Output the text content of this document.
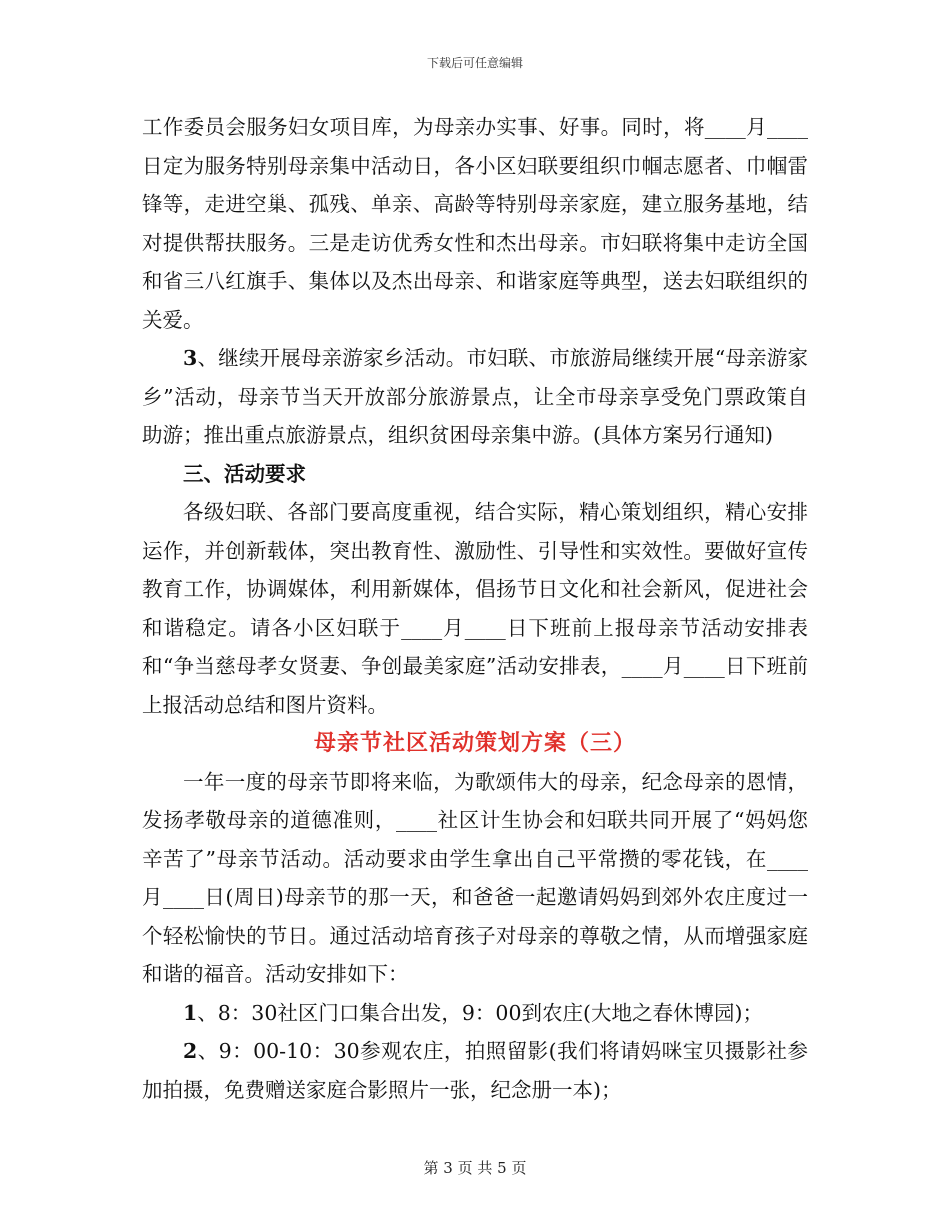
下载后可任意编辑

工作委员会服务妇女项目库，为母亲办实事、好事。同时，将____月____日定为服务特别母亲集中活动日，各小区妇联要组织巾帼志愿者、巾帼雷锋等，走进空巢、孤残、单亲、高龄等特别母亲家庭，建立服务基地，结对提供帮扶服务。三是走访优秀女性和杰出母亲。市妇联将集中走访全国和省三八红旗手、集体以及杰出母亲、和谐家庭等典型，送去妇联组织的关爱。

3、继续开展母亲游家乡活动。市妇联、市旅游局继续开展“母亲游家乡”活动，母亲节当天开放部分旅游景点，让全市母亲享受免门票政策自助游；推出重点旅游景点，组织贫困母亲集中游。(具体方案另行通知)

三、活动要求

各级妇联、各部门要高度重视，结合实际，精心策划组织，精心安排运作，并创新载体，突出教育性、激励性、引导性和实效性。要做好宣传教育工作，协调媒体，利用新媒体，倡扬节日文化和社会新风，促进社会和谐稳定。请各小区妇联于____月____日下班前上报母亲节活动安排表和“争当慈母孝女贤妻、争创最美家庭”活动安排表，____月____日下班前上报活动总结和图片资料。

母亲节社区活动策划方案（三）

一年一度的母亲节即将来临，为歌颂伟大的母亲，纪念母亲的恩情，发扬孝敬母亲的道德准则，____社区计生协会和妇联共同开展了“妈妈您辛苦了”母亲节活动。活动要求由学生拿出自己平常攒的零花钱，在____月____日(周日)母亲节的那一天，和爸爸一起邀请妈妈到郊外农庄度过一个轻松愉快的节日。通过活动培育孩子对母亲的尊敬之情，从而增强家庭和谐的福音。活动安排如下：

1、8：30社区门口集合出发，9：00到农庄(大地之春休博园)；

2、9：00-10：30参观农庄，拍照留影(我们将请妈咪宝贝摄影社参加拍摄，免费赠送家庭合影照片一张，纪念册一本)；

第 3 页 共 5 页
